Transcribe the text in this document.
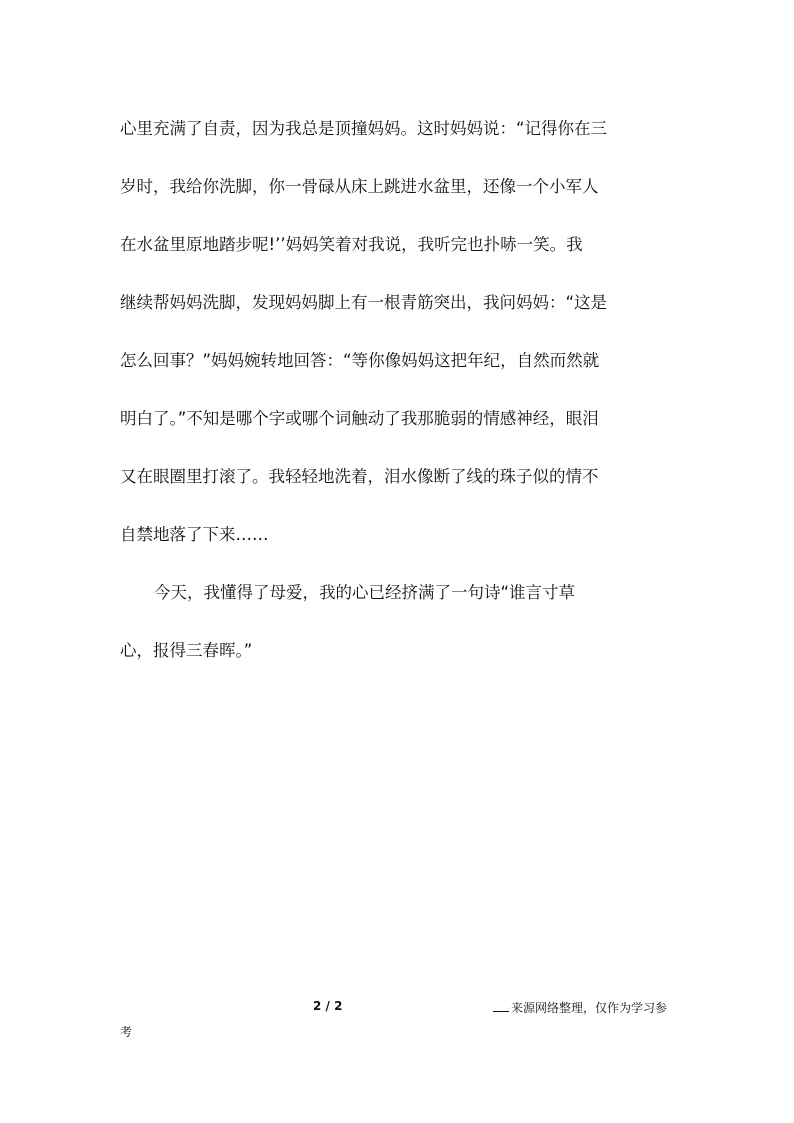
心里充满了自责，因为我总是顶撞妈妈。这时妈妈说：“记得你在三
岁时，我给你洗脚，你一骨碌从床上跳进水盆里，还像一个小军人
在水盆里原地踏步呢!’’妈妈笑着对我说，我听完也扑哧一笑。我
继续帮妈妈洗脚，发现妈妈脚上有一根青筋突出，我问妈妈：“这是
怎么回事？”妈妈婉转地回答：“等你像妈妈这把年纪，自然而然就
明白了。”不知是哪个字或哪个词触动了我那脆弱的情感神经，眼泪
又在眼圈里打滚了。我轻轻地洗着，泪水像断了线的珠子似的情不
自禁地落了下来……
今天，我懂得了母爱，我的心已经挤满了一句诗“谁言寸草
心，报得三春晖。”
2 / 2	来源网络整理，仅作为学习参
考
